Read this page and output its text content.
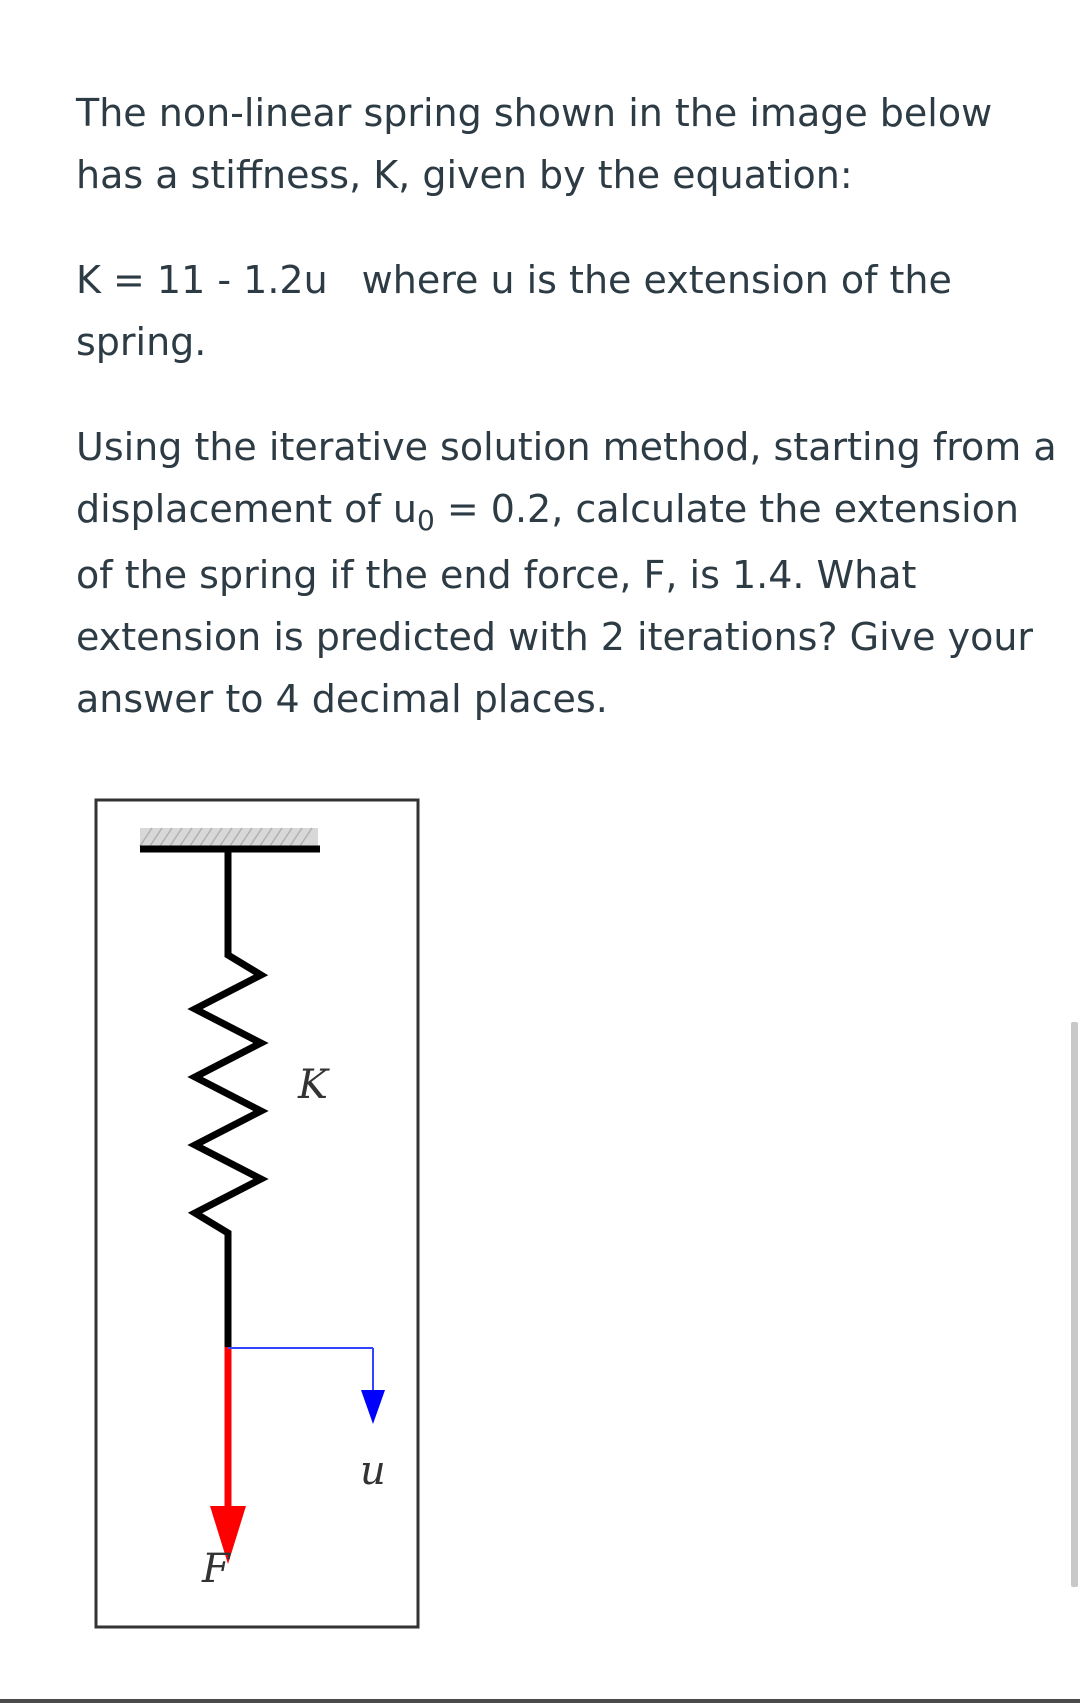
The non-linear spring shown in the image below has a stiffness, K, given by the equation:

K = 11 - 1.2u where u is the extension of the
spring.

Using the iterative solution method, starting from a displacement of $u_0 = 0.2$, calculate the extension of the spring if the end force, F, is 1.4. What extension is predicted with 2 iterations? Give your answer to 4 decimal places.

K
u
F
